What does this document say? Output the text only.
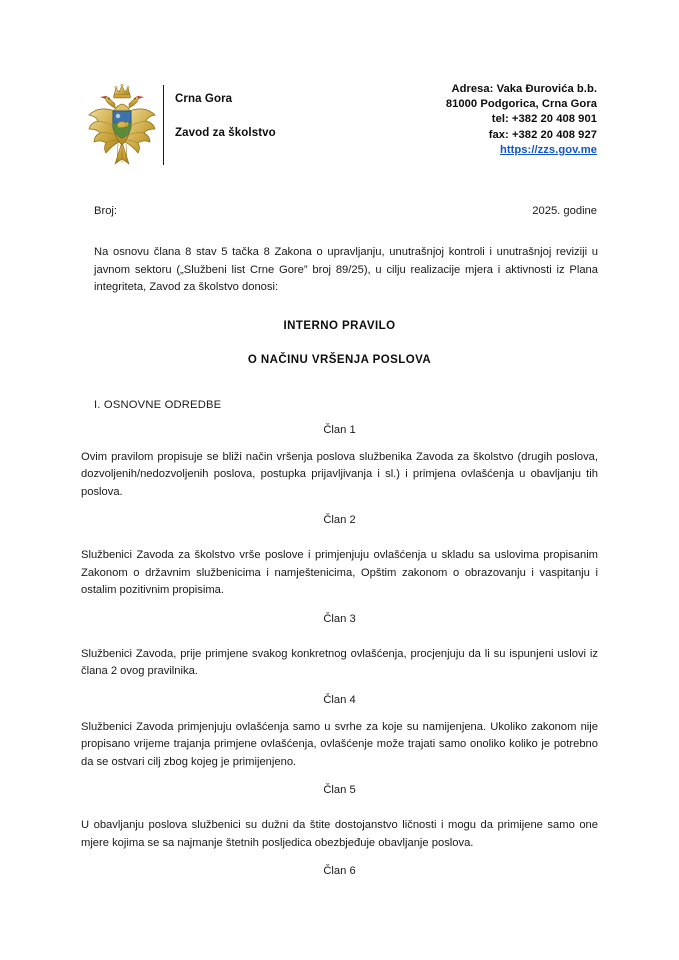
Crna Gora
Zavod za školstvo
Adresa: Vaka Đurovića b.b.
81000 Podgorica, Crna Gora
tel: +382 20 408 901
fax: +382 20 408 927
https://zzs.gov.me
Broj:	2025. godine
Na osnovu člana 8 stav 5 tačka 8 Zakona o upravljanju, unutrašnjoj kontroli i unutrašnjoj reviziji u javnom sektoru („Službeni list Crne Gore” broj 89/25), u cilju realizacije mjera i aktivnosti iz Plana integriteta, Zavod za školstvo donosi:
INTERNO PRAVILO
O NAČINU VRŠENJA POSLOVA
I. OSNOVNE ODREDBE
Član 1
Ovim pravilom propisuje se bliži način vršenja poslova službenika Zavoda za školstvo (drugih poslova, dozvoljenih/nedozvoljenih poslova, postupka prijavljivanja i sl.) i primjena ovlašćenja u obavljanju tih poslova.
Član 2
Službenici Zavoda za školstvo vrše poslove i primjenjuju ovlašćenja u skladu sa uslovima propisanim Zakonom o državnim službenicima i namještenicima, Opštim zakonom o obrazovanju i vaspitanju i ostalim pozitivnim propisima.
Član 3
Službenici Zavoda, prije primjene svakog konkretnog ovlašćenja, procjenjuju da li su ispunjeni uslovi iz člana 2 ovog pravilnika.
Član 4
Službenici Zavoda primjenjuju ovlašćenja samo u svrhe za koje su namijenjena. Ukoliko zakonom nije propisano vrijeme trajanja primjene ovlašćenja, ovlašćenje može trajati samo onoliko koliko je potrebno da se ostvari cilj zbog kojeg je primijenjeno.
Član 5
U obavljanju poslova službenici su dužni da štite dostojanstvo ličnosti i mogu da primijene samo one mjere kojima se sa najmanje štetnih posljedica obezbjeđuje obavljanje poslova.
Član 6
